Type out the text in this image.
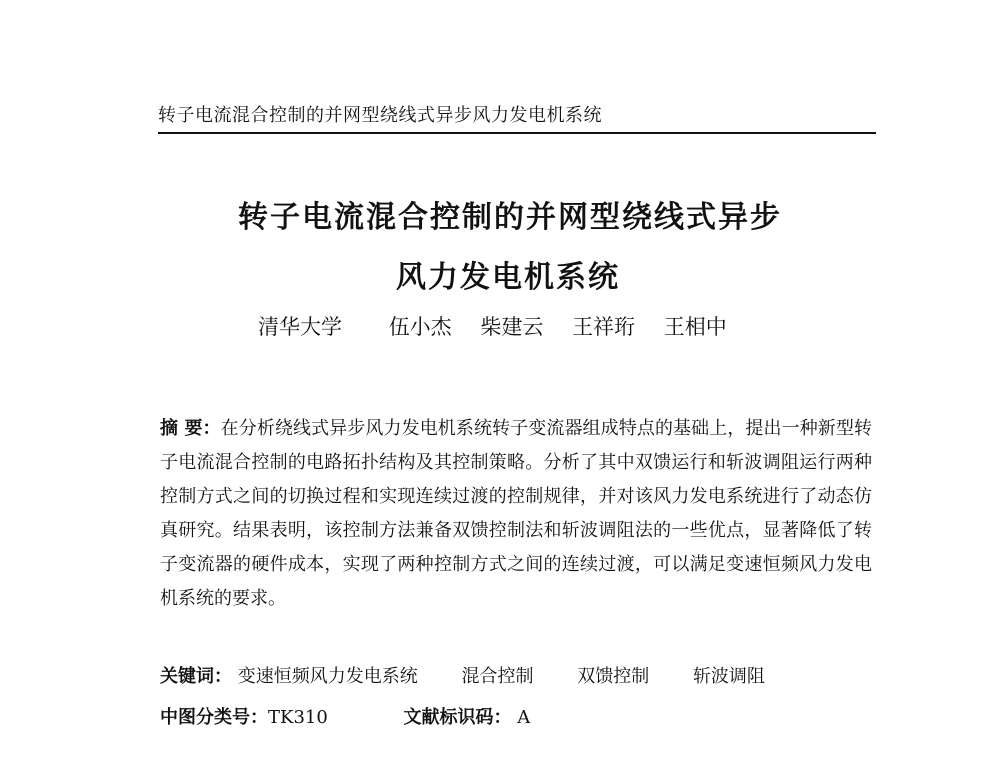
转子电流混合控制的并网型绕线式异步风力发电机系统
转子电流混合控制的并网型绕线式异步
风力发电机系统
清华大学 伍小杰 柴建云 王祥珩 王相中

摘 要：在分析绕线式异步风力发电机系统转子变流器组成特点的基础上，提出一种新型转子电流混合控制的电路拓扑结构及其控制策略。分析了其中双馈运行和斩波调阻运行两种控制方式之间的切换过程和实现连续过渡的控制规律，并对该风力发电系统进行了动态仿真研究。结果表明，该控制方法兼备双馈控制法和斩波调阻法的一些优点，显著降低了转子变流器的硬件成本，实现了两种控制方式之间的连续过渡，可以满足变速恒频风力发电机系统的要求。

关键词： 变速恒频风力发电系统 混合控制 双馈控制 斩波调阻
中图分类号：TK310	文献标识码： A
